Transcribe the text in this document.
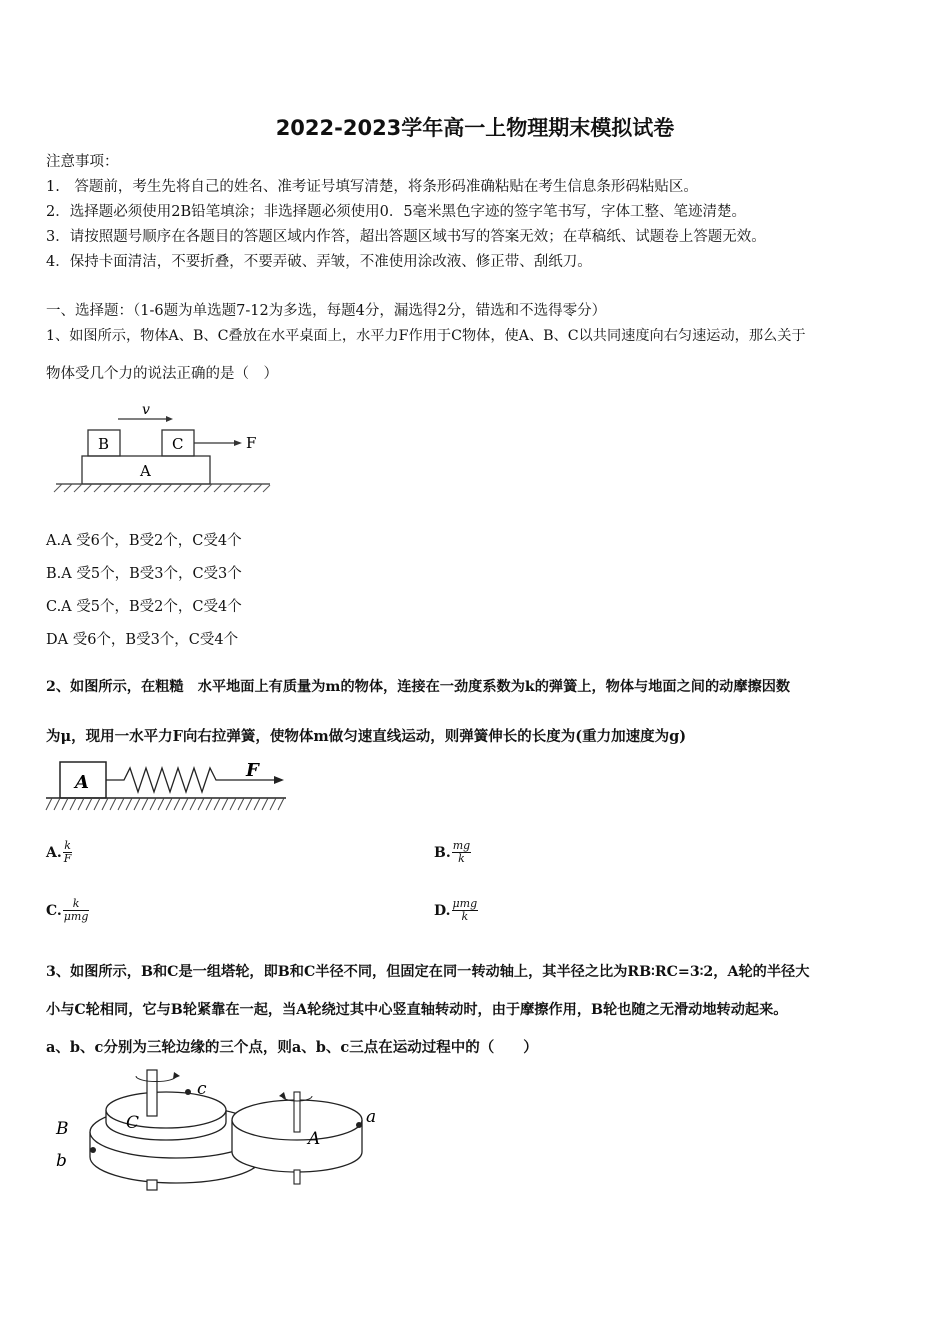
2022-2023学年高一上物理期末模拟试卷
注意事项：
1.　答题前，考生先将自己的姓名、准考证号填写清楚，将条形码准确粘贴在考生信息条形码粘贴区。
2．选择题必须使用2B铅笔填涂；非选择题必须使用0．5毫米黑色字迹的签字笔书写，字体工整、笔迹清楚。
3．请按照题号顺序在各题目的答题区域内作答，超出答题区域书写的答案无效；在草稿纸、试题卷上答题无效。
4．保持卡面清洁，不要折叠，不要弄破、弄皱，不准使用涂改液、修正带、刮纸刀。
一、选择题：（1-6题为单选题7-12为多选，每题4分，漏选得2分，错选和不选得零分）
1、如图所示，物体A、B、C叠放在水平桌面上，水平力F作用于C物体，使A、B、C以共同速度向右匀速运动，那么关于
物体受几个力的说法正确的是（　）
v
B	C	F
A
A.A 受6个，B受2个，C受4个
B.A 受5个，B受3个，C受3个
C.A 受5个，B受2个，C受4个
DA 受6个，B受3个，C受4个
2、如图所示，在粗糙　水平地面上有质量为m的物体，连接在一劲度系数为k的弹簧上，物体与地面之间的动摩擦因数
为μ，现用一水平力F向右拉弹簧，使物体m做匀速直线运动，则弹簧伸长的长度为(重力加速度为g)
A
F
A. $\frac{k}{F}$	B. $\frac{mg}{k}$
C. $\frac{k}{\text{μmg}}$	D. $\frac{\text{μmg}}{k}$
3、如图所示，B和C是一组塔轮，即B和C半径不同，但固定在同一转动轴上，其半径之比为RB∶RC=3∶2，A轮的半径大
小与C轮相同，它与B轮紧靠在一起，当A轮绕过其中心竖直轴转动时，由于摩擦作用，B轮也随之无滑动地转动起来。
a、b、c分别为三轮边缘的三个点，则a、b、c三点在运动过程中的（　　）
c
C
B
b
A
a
